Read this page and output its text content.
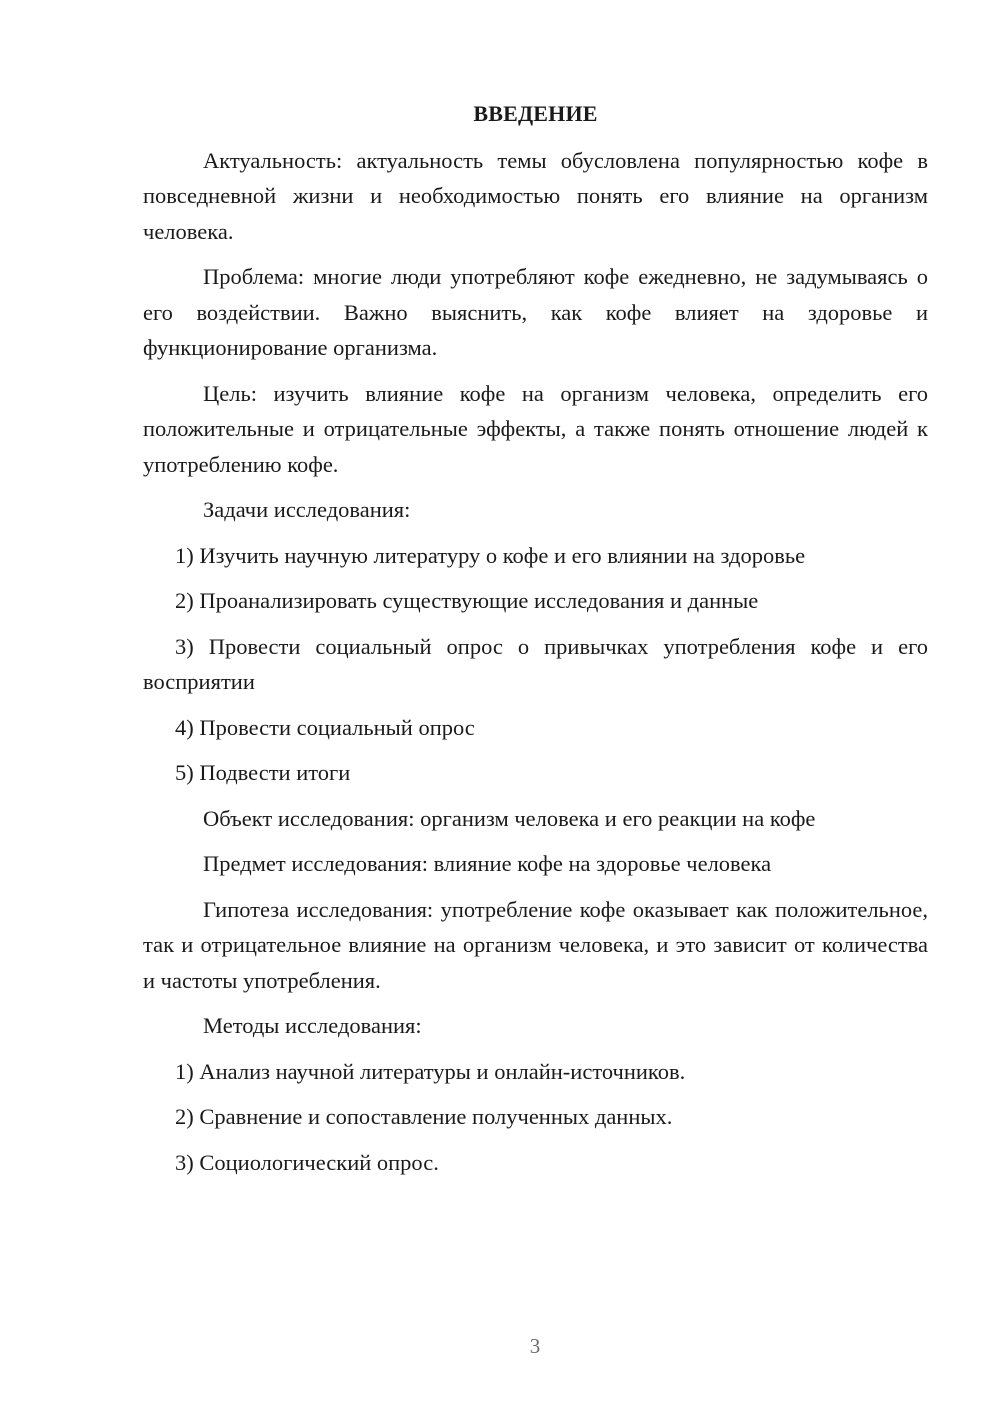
ВВЕДЕНИЕ

Актуальность: актуальность темы обусловлена популярностью кофе в повседневной жизни и необходимостью понять его влияние на организм человека.

Проблема: многие люди употребляют кофе ежедневно, не задумываясь о его воздействии. Важно выяснить, как кофе влияет на здоровье и функционирование организма.

Цель: изучить влияние кофе на организм человека, определить его положительные и отрицательные эффекты, а также понять отношение людей к употреблению кофе.

Задачи исследования:

1) Изучить научную литературу о кофе и его влиянии на здоровье

2) Проанализировать существующие исследования и данные

3) Провести социальный опрос о привычках употребления кофе и его восприятии

4) Провести социальный опрос

5) Подвести итоги

Объект исследования: организм человека и его реакции на кофе

Предмет исследования: влияние кофе на здоровье человека

Гипотеза исследования: употребление кофе оказывает как положительное, так и отрицательное влияние на организм человека, и это зависит от количества и частоты употребления.

Методы исследования:

1) Анализ научной литературы и онлайн-источников.

2) Сравнение и сопоставление полученных данных.

3) Социологический опрос.

3
